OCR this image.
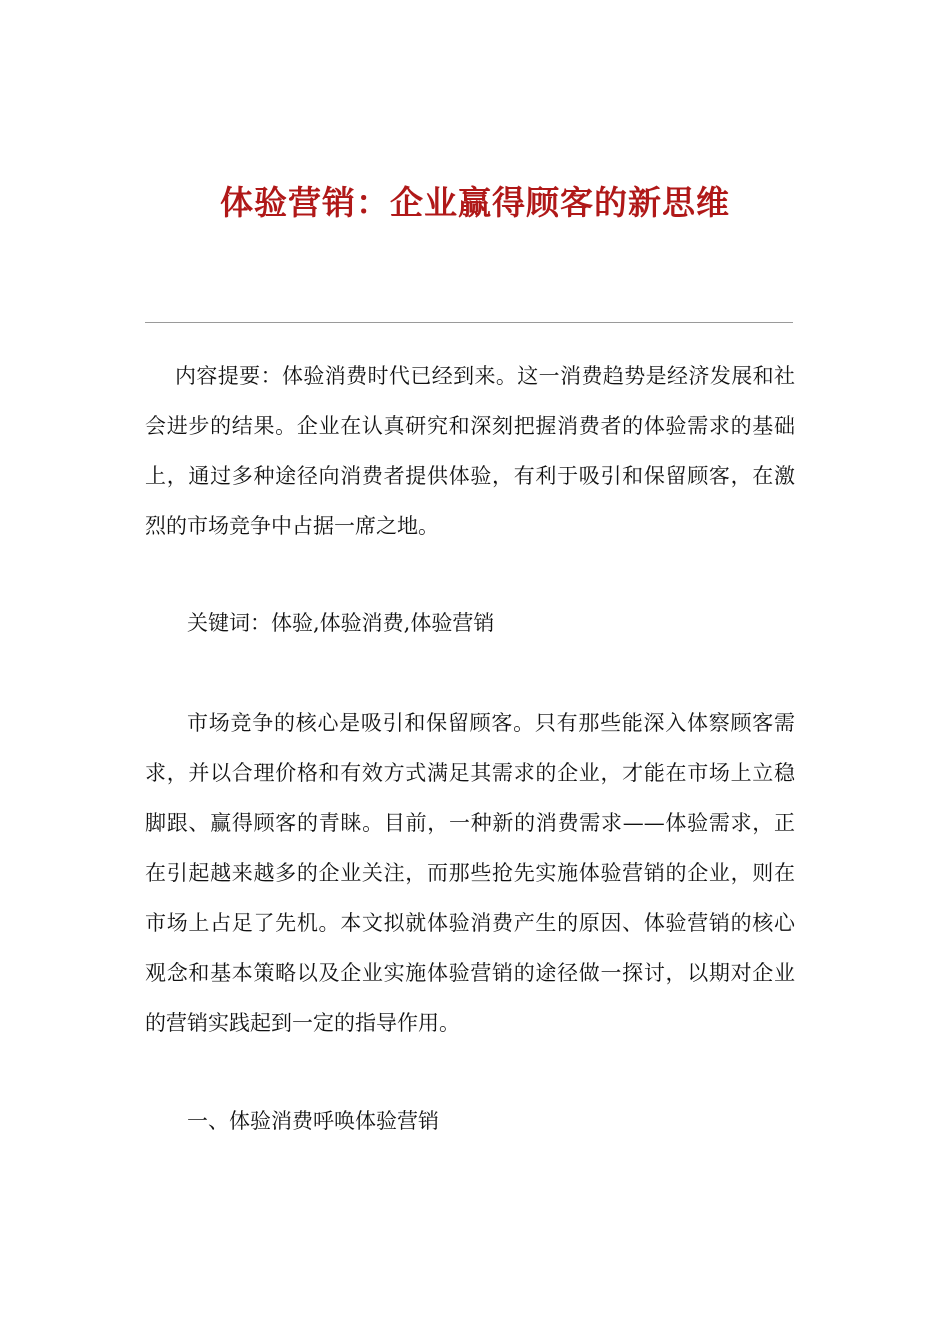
体验营销：企业赢得顾客的新思维

内容提要：体验消费时代已经到来。这一消费趋势是经济发展和社会进步的结果。企业在认真研究和深刻把握消费者的体验需求的基础上，通过多种途径向消费者提供体验，有利于吸引和保留顾客，在激烈的市场竞争中占据一席之地。

关键词：体验,体验消费,体验营销

市场竞争的核心是吸引和保留顾客。只有那些能深入体察顾客需求，并以合理价格和有效方式满足其需求的企业，才能在市场上立稳脚跟、赢得顾客的青睐。目前，一种新的消费需求——体验需求，正在引起越来越多的企业关注，而那些抢先实施体验营销的企业，则在市场上占足了先机。本文拟就体验消费产生的原因、体验营销的核心观念和基本策略以及企业实施体验营销的途径做一探讨，以期对企业的营销实践起到一定的指导作用。

一、体验消费呼唤体验营销
